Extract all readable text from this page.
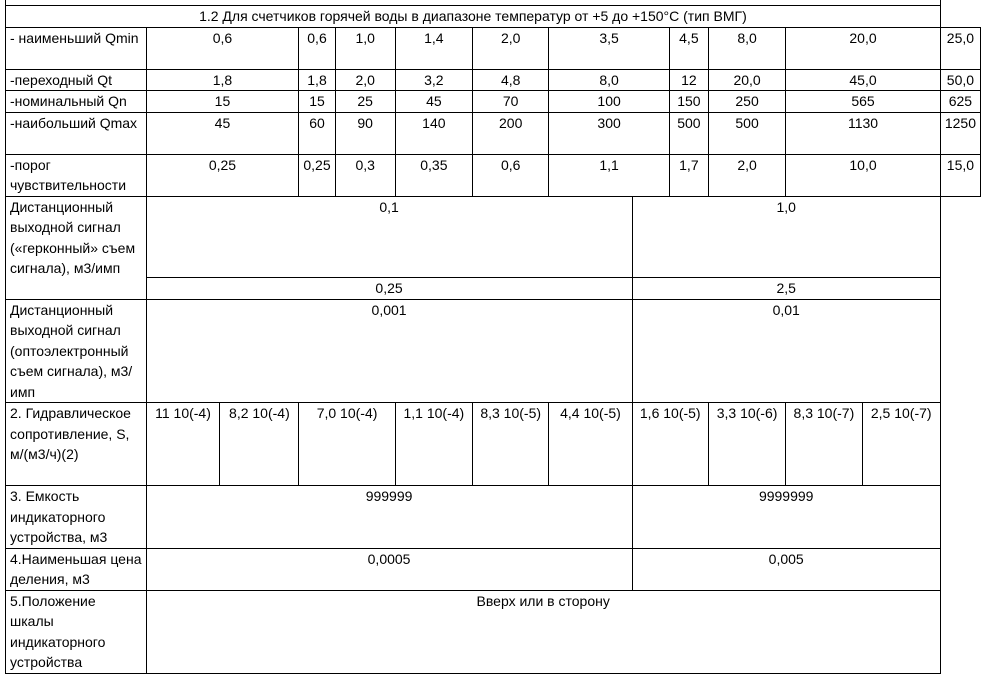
1.2 Для счетчиков горячей воды в диапазоне температур от +5 до +150°С (тип ВМГ)													
- наименьший Qmin	0,6		0,6	1,0	1,4	2,0	3,5		4,5	8,0	20,0		25,0
-переходный Qt	1,8		1,8	2,0	3,2	4,8	8,0		12	20,0	45,0		50,0
-номинальный Qn	15		15	25	45	70	100		150	250	565		625
-наибольший Qmax	45		60	90	140	200	300		500	500	1130		1250
-порог чувствительности	0,25		0,25	0,3	0,35	0,6	1,1		1,7	2,0	10,0		15,0
Дистанционный выходной сигнал («герконный» съем сигнала), м3/имп	0,1							1,0					
	0,25							2,5					
Дистанционный выходной сигнал (оптоэлектронный съем сигнала), м3/имп	0,001							0,01					
2. Гидравлическое сопротивление, S, м/(м3/ч)(2)	11 10(-4)	8,2 10(-4)	7,0 10(-4)		1,1 10(-4)	8,3 10(-5)	4,4 10(-5)	1,6 10(-5)		3,3 10(-6)	8,3 10(-7)	2,5 10(-7)	
3. Емкость индикаторного устройства, м3	999999							9999999					
4.Наименьшая цена деления, м3	0,0005							0,005					
5.Положение шкалы индикаторного устройства	Вверх или в сторону												
